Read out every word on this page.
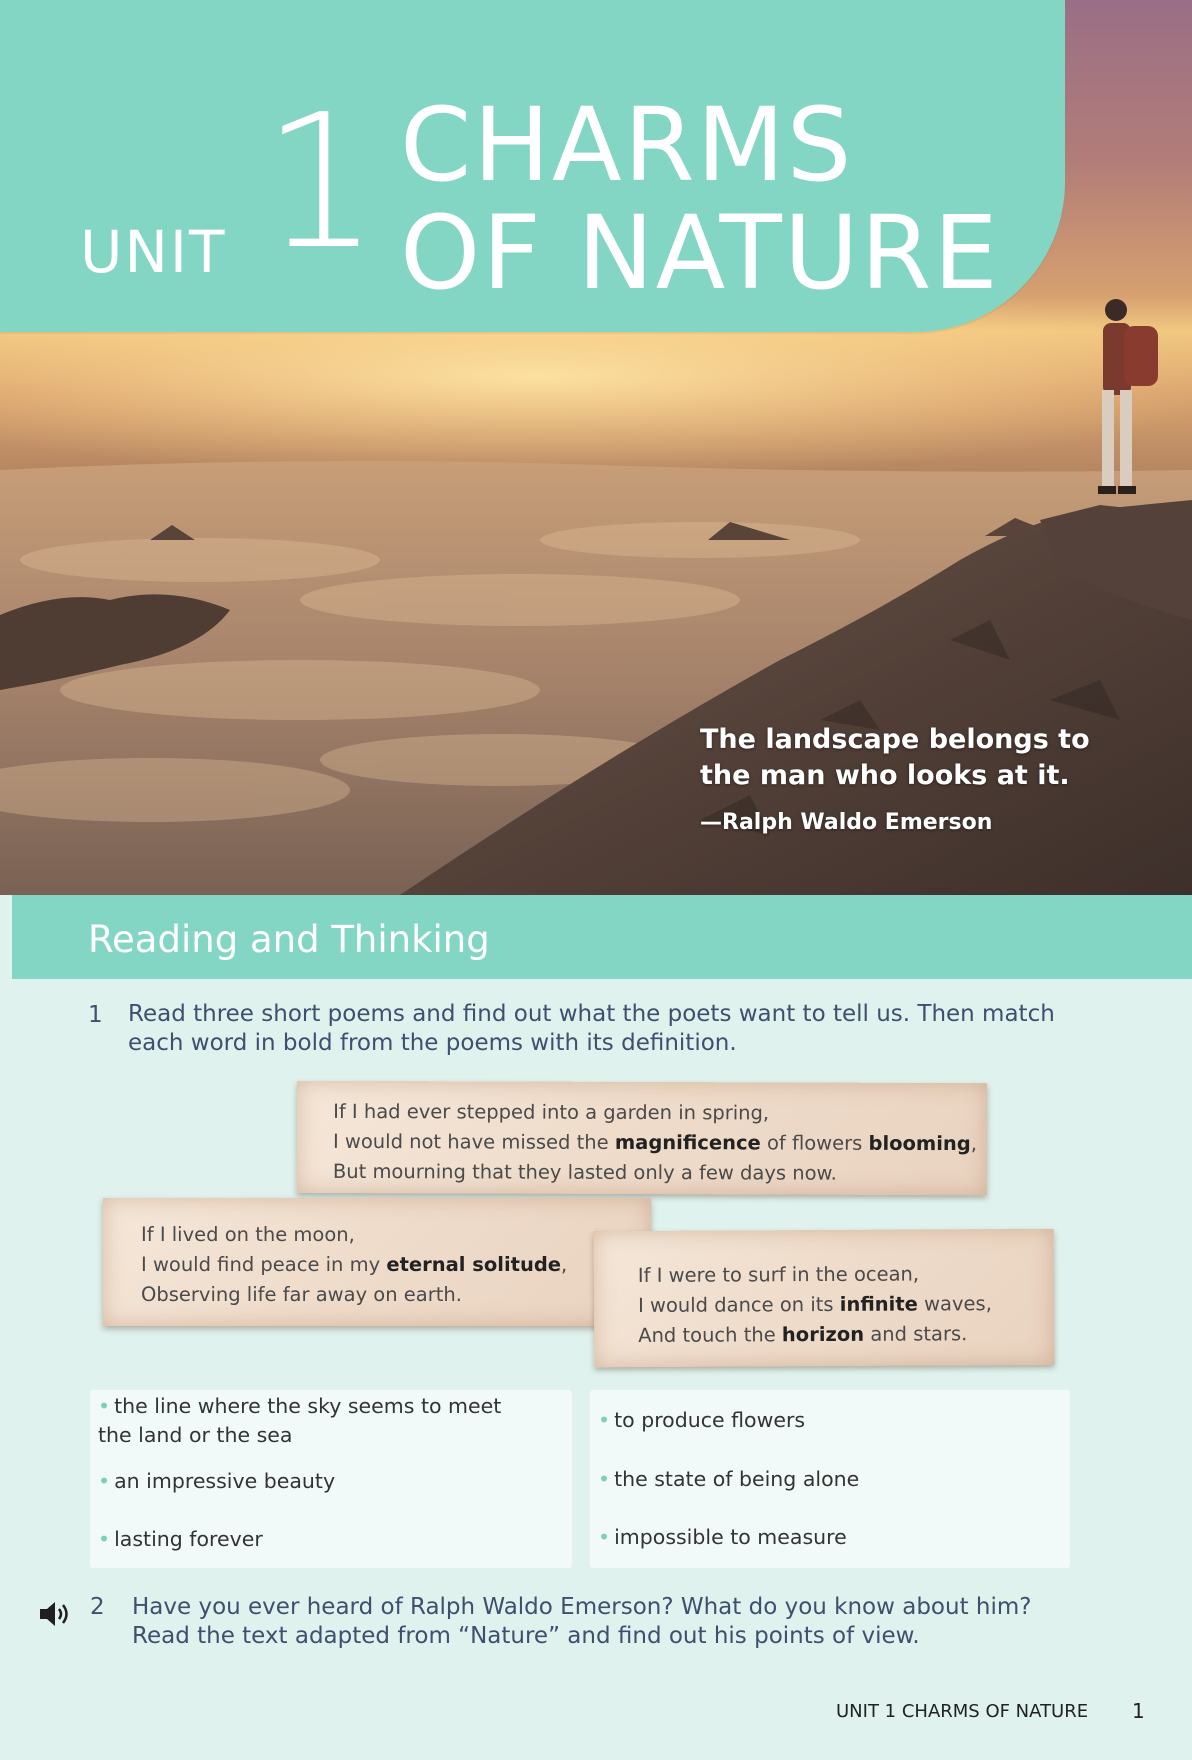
UNIT 1 CHARMS
OF NATURE
The landscape belongs to
the man who looks at it.
—Ralph Waldo Emerson
Reading and Thinking
1 Read three short poems and find out what the poets want to tell us. Then match
each word in bold from the poems with its definition.
If I had ever stepped into a garden in spring,
I would not have missed the magnificence of flowers blooming,
But mourning that they lasted only a few days now.
If I lived on the moon,
I would find peace in my eternal solitude,
Observing life far away on earth.
If I were to surf in the ocean,
I would dance on its infinite waves,
And touch the horizon and stars.
• the line where the sky seems to meet the land or the sea
• an impressive beauty
• lasting forever
• to produce flowers
• the state of being alone
• impossible to measure
2 Have you ever heard of Ralph Waldo Emerson? What do you know about him?
Read the text adapted from “Nature” and find out his points of view.
UNIT 1 CHARMS OF NATURE 1
